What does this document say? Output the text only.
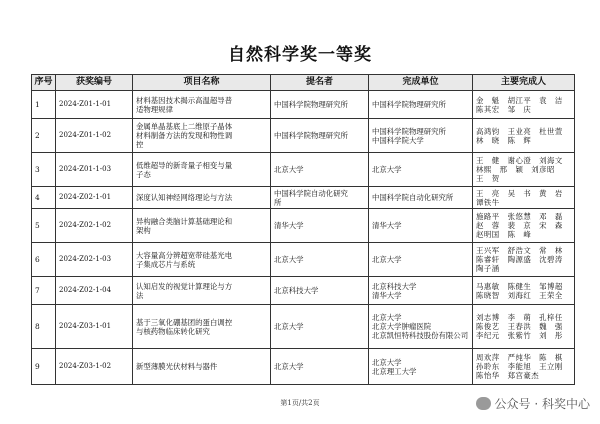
自然科学奖一等奖
序号	获奖编号	项目名称	提名者	完成单位	主要完成人
1	2024-Z01-1-01	材料基因技术揭示高温超导普
适物理规律	中国科学院物理研究所	中国科学院物理研究所	金　魁　胡江平　袁　洁
陈其宏　邹　庆

2	2024-Z01-1-02	金属单晶基底上二维原子晶体
材料制备方法的发现和物性调
控	中国科学院物理研究所	中国科学院物理研究所
中国科学院大学	高鸿钧　王业亮　杜世萱
林　晓　陈　辉

3	2024-Z01-1-03	低维超导的新奇量子相变与量
子态	北京大学	北京大学	王　健　谢心澄　刘海文
林熙　邢　颖　刘彦昭
王　贺

4	2024-Z02-1-01	深度认知神经网络理论与方法	中国科学院自动化研究
所	中国科学院自动化研究所	王　亮　吴　书　黄　岩
谭铁牛

5	2024-Z02-1-02	异构融合类脑计算基础理论和
架构	清华大学	清华大学	施路平　张悠慧　邓　磊
赵　蓉　裴　京　宋　森
赵明国　陈　峰

6	2024-Z02-1-03	大容量高分辨超宽带硅基光电
子集成芯片与系统	北京大学	北京大学	王兴军　舒浩文　常　林
陈睿轩　陶源盛　沈碧涛
陶子涵

7	2024-Z02-1-04	认知启发的视觉计算理论与方
法	北京科技大学	北京科技大学
清华大学	马惠敏　陈健生　邹博超
陈晓智　刘海红　王荣全

8	2024-Z03-1-01	基于三氧化硼基团的蛋白调控
与核药物临床转化研究	北京大学	北京大学
北京大学肿瘤医院
北京凯恒特科技股份有限公司	刘志博　李　萌　孔梓任
陈俊艺　王春洪　魏　强
李纪元　张紫竹　刘　彤

9	2024-Z03-1-02	新型薄膜光伏材料与器件	北京大学	北京大学
北京理工大学	周欢萍　严纯华　陈　棋
孙聆东　李能旭　王立刚
陈怡华　郑宫豪杰
第1页/共2页	公众号 · 科奖中心
